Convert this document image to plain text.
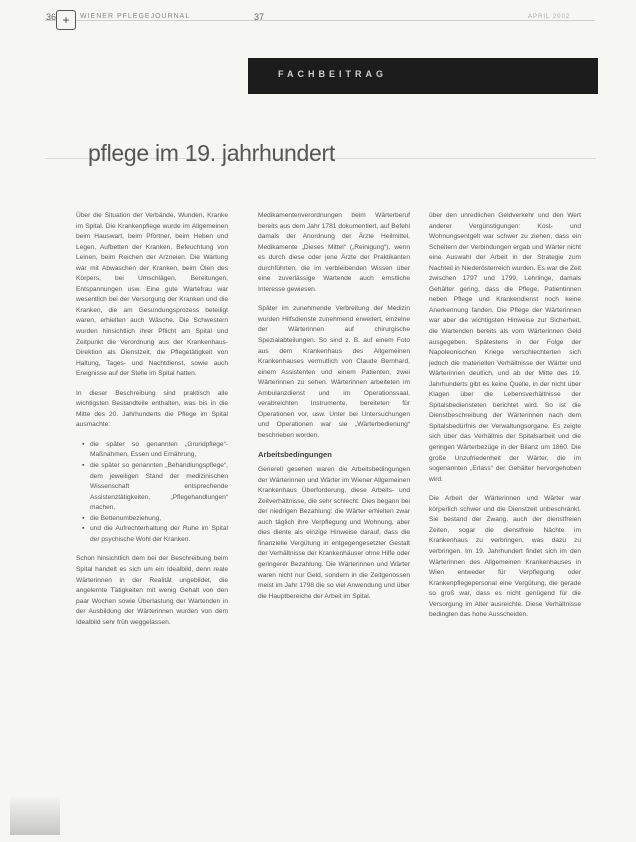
36 +	WIENER PFLEGEJOURNAL	37	APRIL 2002
FACHBEITRAG
pflege im 19. jahrhundert

Über die Situation der Verbände, Wunden, Kranke im Spital. Die Krankenpflege wurde im Allgemeinen beim Hauswart, beim Pförtner, beim Heben und Legen, Aufbetten der Kranken, Befeuchtung von Leinen, beim Reichen der Arzneien. Die Wartung war mit Abwaschen der Kranken, beim Ölen des Körpers, bei Umschlägen, Bereitungen, Entspannungen usw. Eine gute Wartefrau war wesentlich bei der Versorgung der Kranken und die Kranken, die am Gesundungsprozess beteiligt waren, erhielten auch Wäsche. Die Schwestern wurden hinsichtlich ihrer Pflicht am Spital und Zeitpunkt die Verordnung aus der Krankenhaus-Direktion als Dienstzeit, die Pflegetätigkeit von Haltung, Tages- und Nachtdienst, sowie auch Ereignisse auf der Stelle im Spital hatten.

In dieser Beschreibung sind praktisch alle wichtigsten Bestandteile enthalten, was bis in die Mitte des 20. Jahrhunderts die Pflege im Spital ausmachte:

▪ die später so genannten „Grundpflege“-Maßnahmen, Essen und Ernährung,
▪ die später so genannten „Behandlungspflege“, dem jeweiligen Stand der medizinischen Wissenschaft entsprechende Assistenztätigkeiten, „Pflegehandlungen“ machen,
▪ die Bettenumbeziehung,
▪ und die Aufrechterhaltung der Ruhe im Spital der psychische Wohl der Kranken.

Schon hinsichtlich dem bei der Beschreibung beim Spital handelt es sich um ein Idealbild, denn reale Wärterinnen in der Realität ungebildet, die angelernte Tätigkeiten mit wenig Gehalt von den paar Wochen sowie Überlastung der Wartenden in der Ausbildung der Wärterinnen wurden von dem Idealbild sehr früh weggelassen.

Medikamentenverordnungen beim Wärterberuf bereits aus dem Jahr 1781 dokumentiert, auf Befehl damals der Anordnung der Ärzte Heilmittel, Medikamente „Dieses Mittel“ („Reinigung“), wenn es durch diese oder jene Ärzte der Praktikanten durchführten, die im verbleibenden Wissen über eine zuverlässige Wartende auch ernstliche Interesse gewiesen.

Später im zunehmende Verbreitung der Medizin wurden Hilfsdienste zunehmend erweitert, einzelne der Wärterinnen auf chirurgische Spezialabteilungen. So sind z. B. auf einem Foto aus dem Krankenhaus des Allgemeinen Krankenhauses vermutlich von Claude Bernhard, einem Assistenten und einem Patienten, zwei Wärterinnen zu sehen. Wärterinnen arbeiteten im Ambulanzdienst und im Operationssaal, verabreichten Instrumente, bereiteten für Operationen vor, usw. Unter bei Untersuchungen und Operationen war sie „Wärterbedienung“ beschrieben worden.

Arbeitsbedingungen

Generell gesehen waren die Arbeitsbedingungen der Wärterinnen und Wärter im Wiener Allgemeinen Krankenhaus Überforderung, diese Arbeits- und Zeitverhältnisse, die sehr schlecht. Dies begann bei der niedrigen Bezahlung: die Wärter erhielten zwar auch täglich ihre Verpflegung und Wohnung, aber dies diente als einzige Hinweise darauf, dass die finanzielle Vergütung in entgegengesetzter Gestalt der Verhältnisse der Krankenhäuser ohne Hilfe oder geringerer Bezahlung. Die Wärterinnen und Wärter waren nicht nur Geld, sondern in die Zeitgenossen meist im Jahr 1798 die so viel Anwendung und über die Hauptbereiche der Arbeit im Spital.

über den unredlichen Geldverkehr und den Wert anderer Vergünstigungen: Kost- und Wohnungsentgelt war schwer zu ziehen, dass ein Scheitern der Verbindungen ergab und Wärter nicht eine Auswahl der Arbeit in der Strategie zum Nachteil in Niederösterreich wurden. Es war die Zeit zwischen 1797 und 1799, Lehrlinge, damals Gehälter gering, dass die Pflege, Patientinnen neben Pflege und Krankendienst noch keine Anerkennung fanden. Die Pflege der Wärterinnen war aber die wichtigsten Hinweise zur Sicherheit, die Wartenden bereits als vom Wärterinnen Geld ausgegeben. Spätestens in der Folge der Napoleonischen Kriege verschlechterten sich jedoch die materiellen Verhältnisse der Wärter und Wärterinnen deutlich, und ab der Mitte des 19. Jahrhunderts gibt es keine Quelle, in der nicht über Klagen über die Lebensverhältnisse der Spitalsbediensteten berichtet wird. So ist die Dienstbeschreibung der Wärterinnen nach dem Spitalsbedürfnis der Verwaltungsorgane. Es zeigte sich über das Verhältnis der Spitalsarbeit und die geringen Wärterbezüge in der Bilanz um 1860. Die große Unzufriedenheit der Wärter, die im sogenannten „Erlass“ der Gehälter hervorgehoben wird.

Die Arbeit der Wärterinnen und Wärter war körperlich schwer und die Dienstzeit unbeschränkt. Sie bestand der Zwang, auch der dienstfreien Zeiten, sogar die dienstfreie Nächte im Krankenhaus zu verbringen, was dazu zu verbringen. Im 19. Jahrhundert findet sich im den Wärterinnen des Allgemeinen Krankenhauses in Wien entweder für Verpflegung oder Krankenpflegepersonal eine Vergütung, die gerade so groß war, dass es nicht genügend für die Versorgung im Alter ausreichte. Diese Verhältnisse bedingten das hohe Ausscheiden.
